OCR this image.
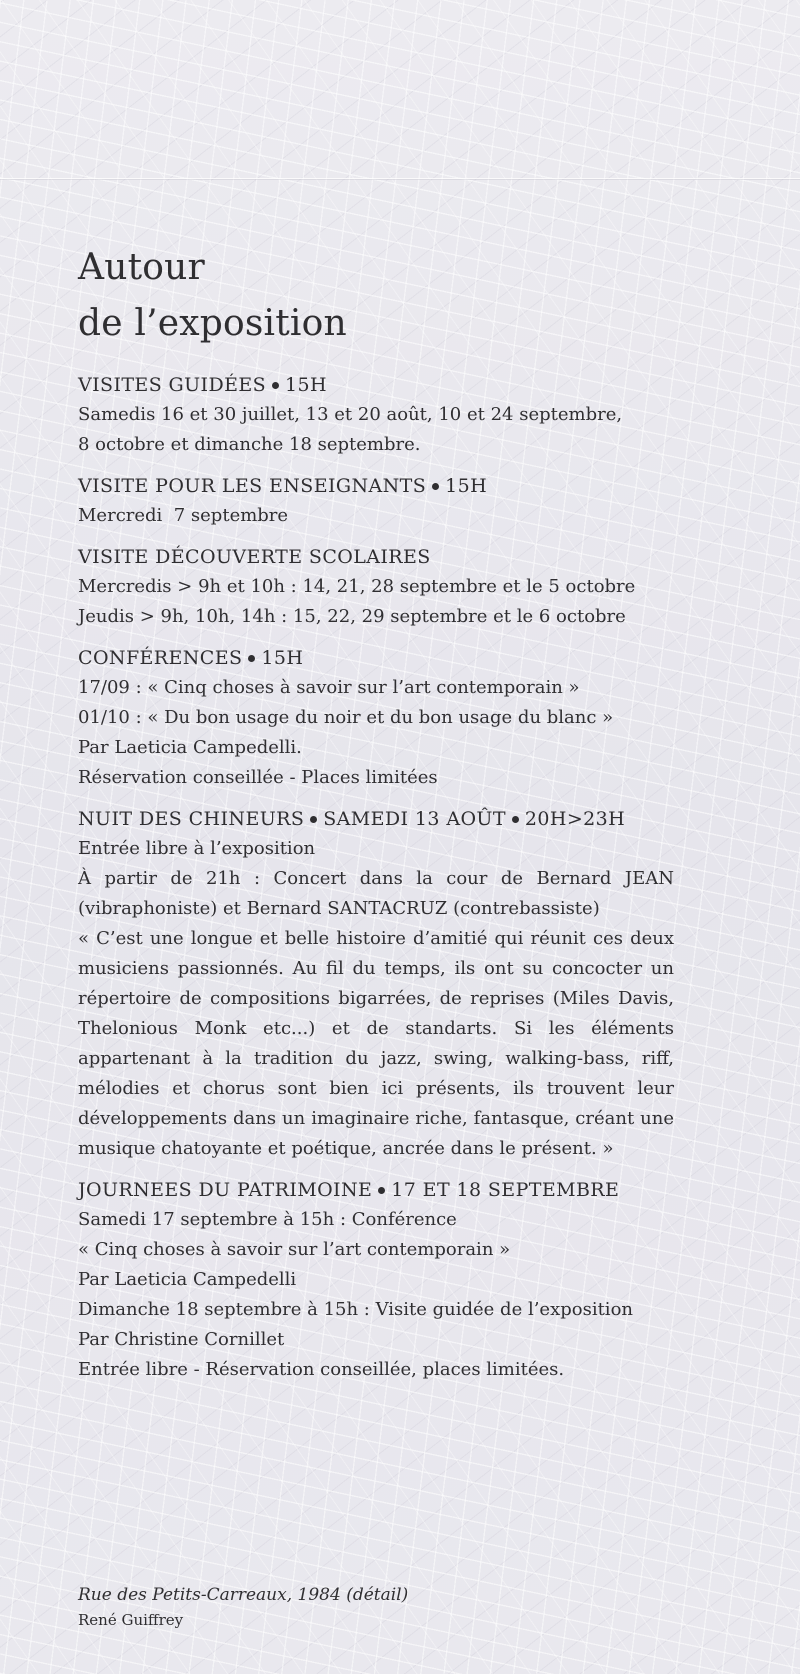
Autour
de l’exposition
VISITES GUIDÉES 15H
Samedis 16 et 30 juillet, 13 et 20 août, 10 et 24 septembre,
8 octobre et dimanche 18 septembre.
VISITE POUR LES ENSEIGNANTS 15H
Mercredi  7 septembre
VISITE DÉCOUVERTE SCOLAIRES
Mercredis > 9h et 10h : 14, 21, 28 septembre et le 5 octobre
Jeudis > 9h, 10h, 14h : 15, 22, 29 septembre et le 6 octobre
CONFÉRENCES 15H
17/09 : « Cinq choses à savoir sur l’art contemporain »
01/10 : « Du bon usage du noir et du bon usage du blanc »
Par Laeticia Campedelli.
Réservation conseillée - Places limitées
NUIT DES CHINEURS SAMEDI 13 AOÛT 20H>23H
Entrée libre à l’exposition
À partir de 21h : Concert dans la cour de Bernard JEAN (vibraphoniste) et Bernard SANTACRUZ (contrebassiste)
« C’est une longue et belle histoire d’amitié qui réunit ces deux musiciens passionnés. Au fil du temps, ils ont su concocter un répertoire de compositions bigarrées, de reprises (Miles Davis, Thelonious Monk etc...) et de standarts. Si les éléments appartenant à la tradition du jazz, swing, walking-bass, riff, mélodies et chorus sont bien ici présents, ils trouvent leur développements dans un imaginaire riche, fantasque, créant une musique chatoyante et poétique, ancrée dans le présent. »
JOURNEES DU PATRIMOINE 17 ET 18 SEPTEMBRE
Samedi 17 septembre à 15h : Conférence
« Cinq choses à savoir sur l’art contemporain »
Par Laeticia Campedelli
Dimanche 18 septembre à 15h : Visite guidée de l’exposition
Par Christine Cornillet
Entrée libre - Réservation conseillée, places limitées.
Rue des Petits-Carreaux, 1984 (détail)
René Guiffrey
